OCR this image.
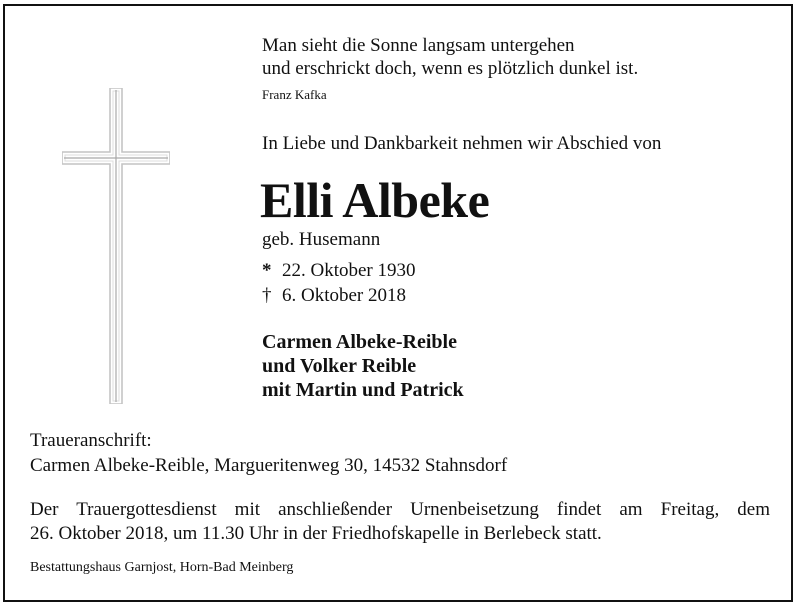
Man sieht die Sonne langsam untergehen
und erschrickt doch, wenn es plötzlich dunkel ist.
Franz Kafka
In Liebe und Dankbarkeit nehmen wir Abschied von
Elli Albeke
geb. Husemann
* 22. Oktober 1930
† 6. Oktober 2018
Carmen Albeke-Reible
und Volker Reible
mit Martin und Patrick
Traueranschrift:
Carmen Albeke-Reible, Margueritenweg 30, 14532 Stahnsdorf
Der Trauergottesdienst mit anschließender Urnenbeisetzung findet am Freitag, dem
26. Oktober 2018, um 11.30 Uhr in der Friedhofskapelle in Berlebeck statt.
Bestattungshaus Garnjost, Horn-Bad Meinberg
